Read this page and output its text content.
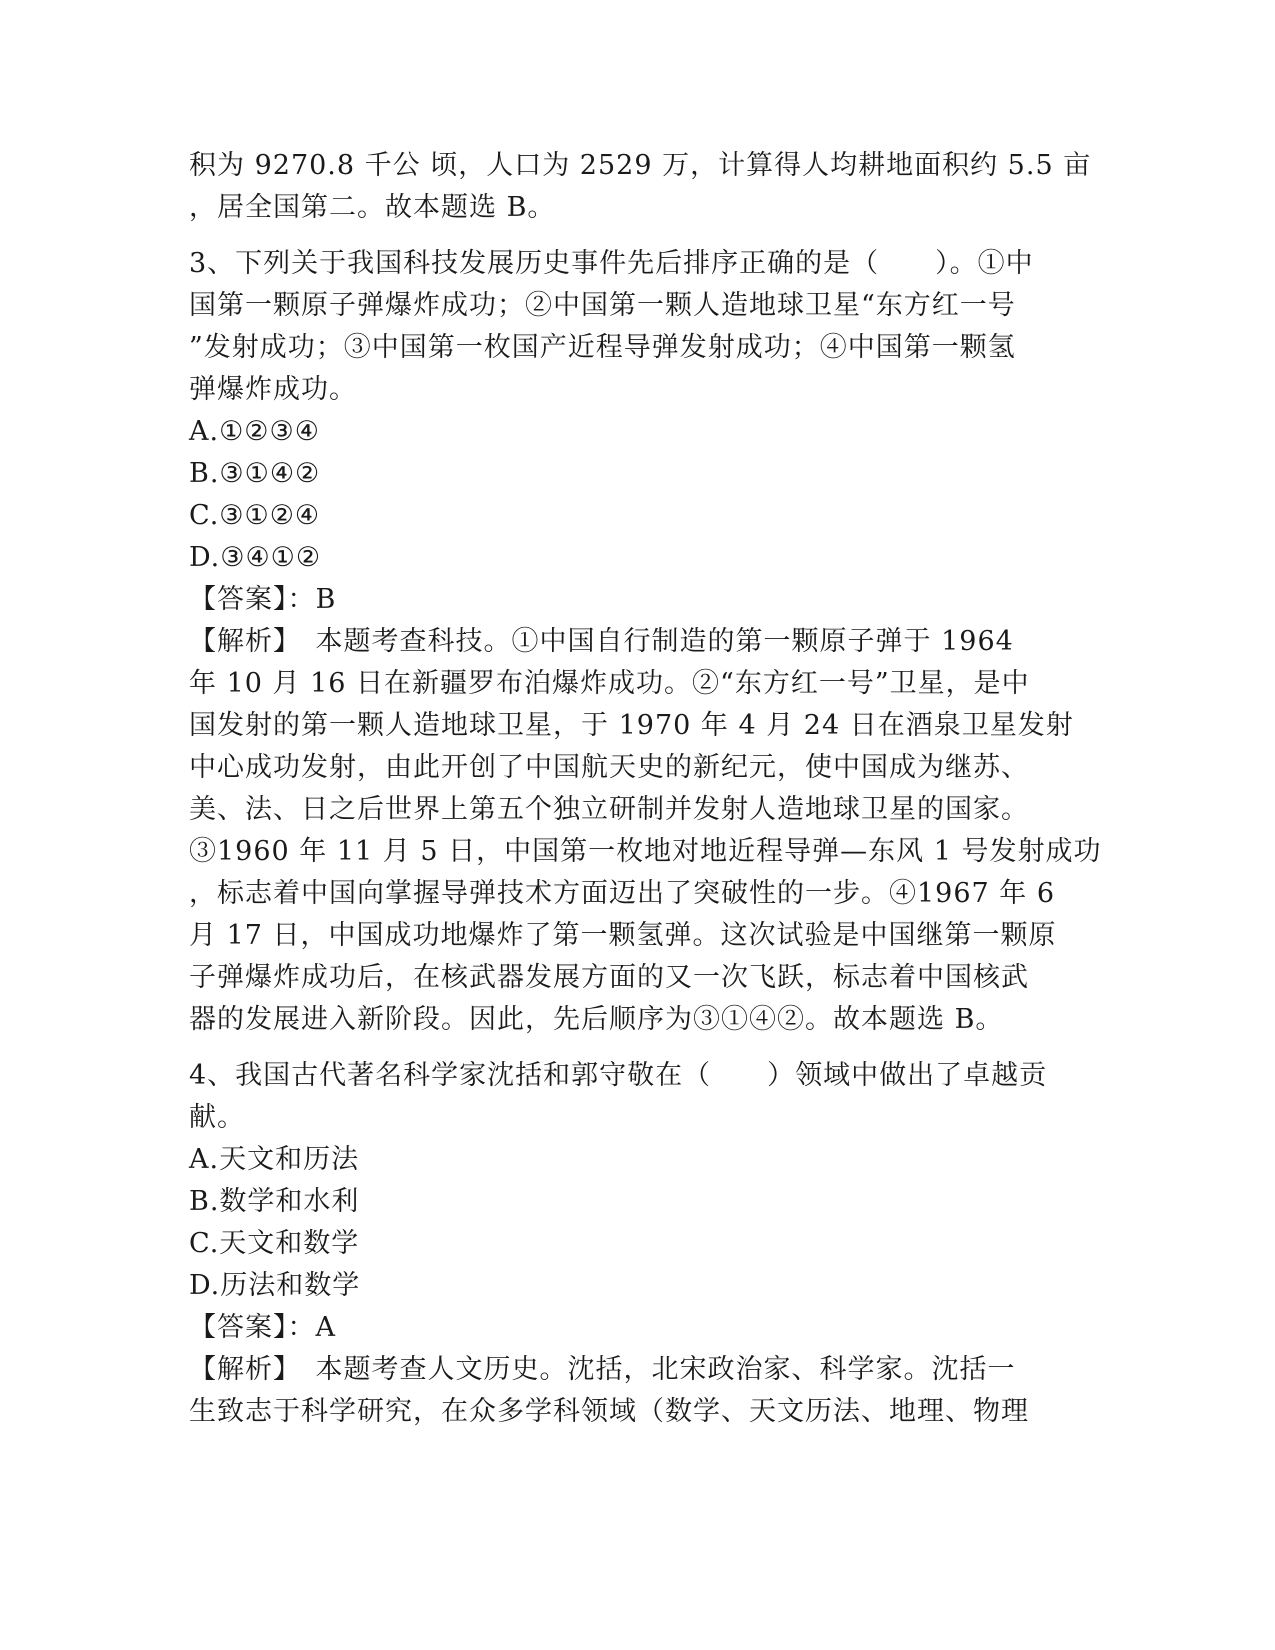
积为 9270.8 千公 顷，人口为 2529 万，计算得人均耕地面积约 5.5 亩
，居全国第二。故本题选 B。
3、下列关于我国科技发展历史事件先后排序正确的是（　　）。①中
国第一颗原子弹爆炸成功；②中国第一颗人造地球卫星“东方红一号
”发射成功；③中国第一枚国产近程导弹发射成功；④中国第一颗氢
弹爆炸成功。
A.①②③④
B.③①④②
C.③①②④
D.③④①②
【答案】：B
【解析】　本题考查科技。①中国自行制造的第一颗原子弹于 1964
年 10 月 16 日在新疆罗布泊爆炸成功。②“东方红一号”卫星，是中
国发射的第一颗人造地球卫星，于 1970 年 4 月 24 日在酒泉卫星发射
中心成功发射，由此开创了中国航天史的新纪元，使中国成为继苏、
美、法、日之后世界上第五个独立研制并发射人造地球卫星的国家。
③1960 年 11 月 5 日，中国第一枚地对地近程导弹—东风 1 号发射成功
，标志着中国向掌握导弹技术方面迈出了突破性的一步。④1967 年 6
月 17 日，中国成功地爆炸了第一颗氢弹。这次试验是中国继第一颗原
子弹爆炸成功后，在核武器发展方面的又一次飞跃，标志着中国核武
器的发展进入新阶段。因此，先后顺序为③①④②。故本题选 B。
4、我国古代著名科学家沈括和郭守敬在（　　）领域中做出了卓越贡
献。
A.天文和历法
B.数学和水利
C.天文和数学
D.历法和数学
【答案】：A
【解析】　本题考查人文历史。沈括，北宋政治家、科学家。沈括一
生致志于科学研究，在众多学科领域（数学、天文历法、地理、物理
